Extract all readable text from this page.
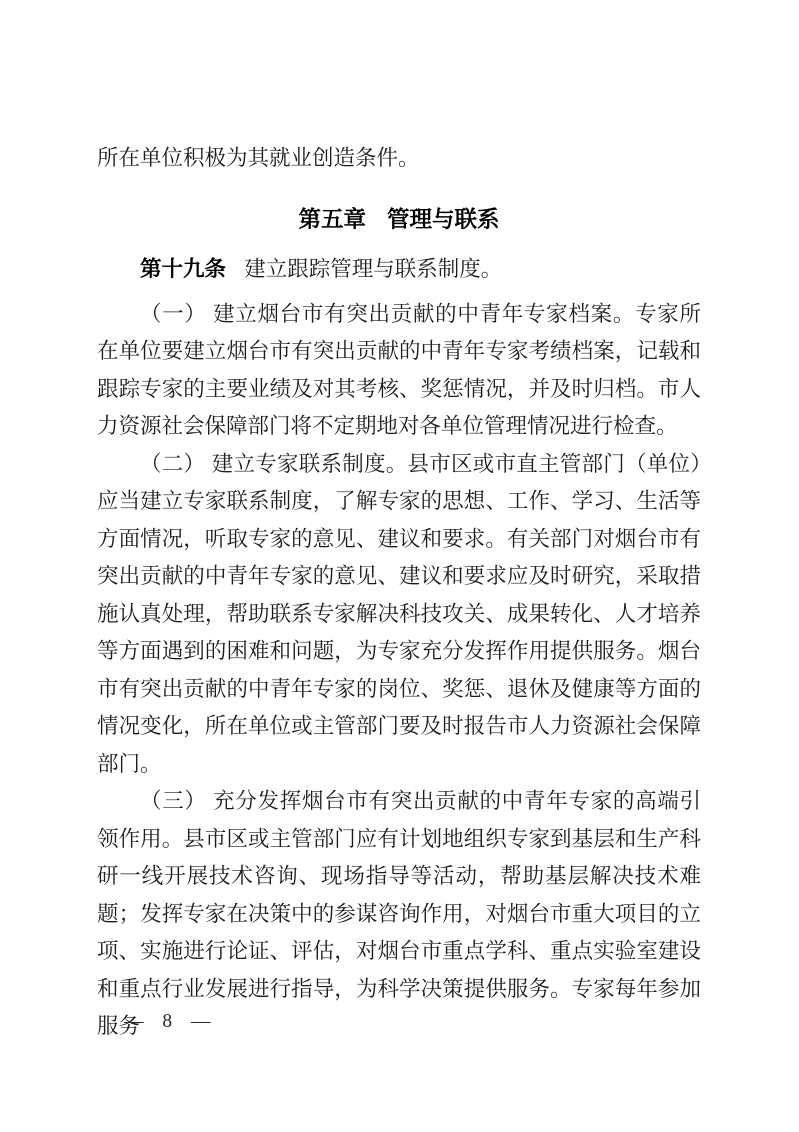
所在单位积极为其就业创造条件。

第五章 管理与联系

第十九条 建立跟踪管理与联系制度。

（一） 建立烟台市有突出贡献的中青年专家档案。专家所在单位要建立烟台市有突出贡献的中青年专家考绩档案，记载和跟踪专家的主要业绩及对其考核、奖惩情况，并及时归档。市人力资源社会保障部门将不定期地对各单位管理情况进行检查。

（二） 建立专家联系制度。县市区或市直主管部门（单位）应当建立专家联系制度，了解专家的思想、工作、学习、生活等方面情况，听取专家的意见、建议和要求。有关部门对烟台市有突出贡献的中青年专家的意见、建议和要求应及时研究，采取措施认真处理，帮助联系专家解决科技攻关、成果转化、人才培养等方面遇到的困难和问题，为专家充分发挥作用提供服务。烟台市有突出贡献的中青年专家的岗位、奖惩、退休及健康等方面的情况变化，所在单位或主管部门要及时报告市人力资源社会保障部门。

（三） 充分发挥烟台市有突出贡献的中青年专家的高端引领作用。县市区或主管部门应有计划地组织专家到基层和生产科研一线开展技术咨询、现场指导等活动，帮助基层解决技术难题；发挥专家在决策中的参谋咨询作用，对烟台市重大项目的立项、实施进行论证、评估，对烟台市重点学科、重点实验室建设和重点行业发展进行指导，为科学决策提供服务。专家每年参加服务

— 8 —
